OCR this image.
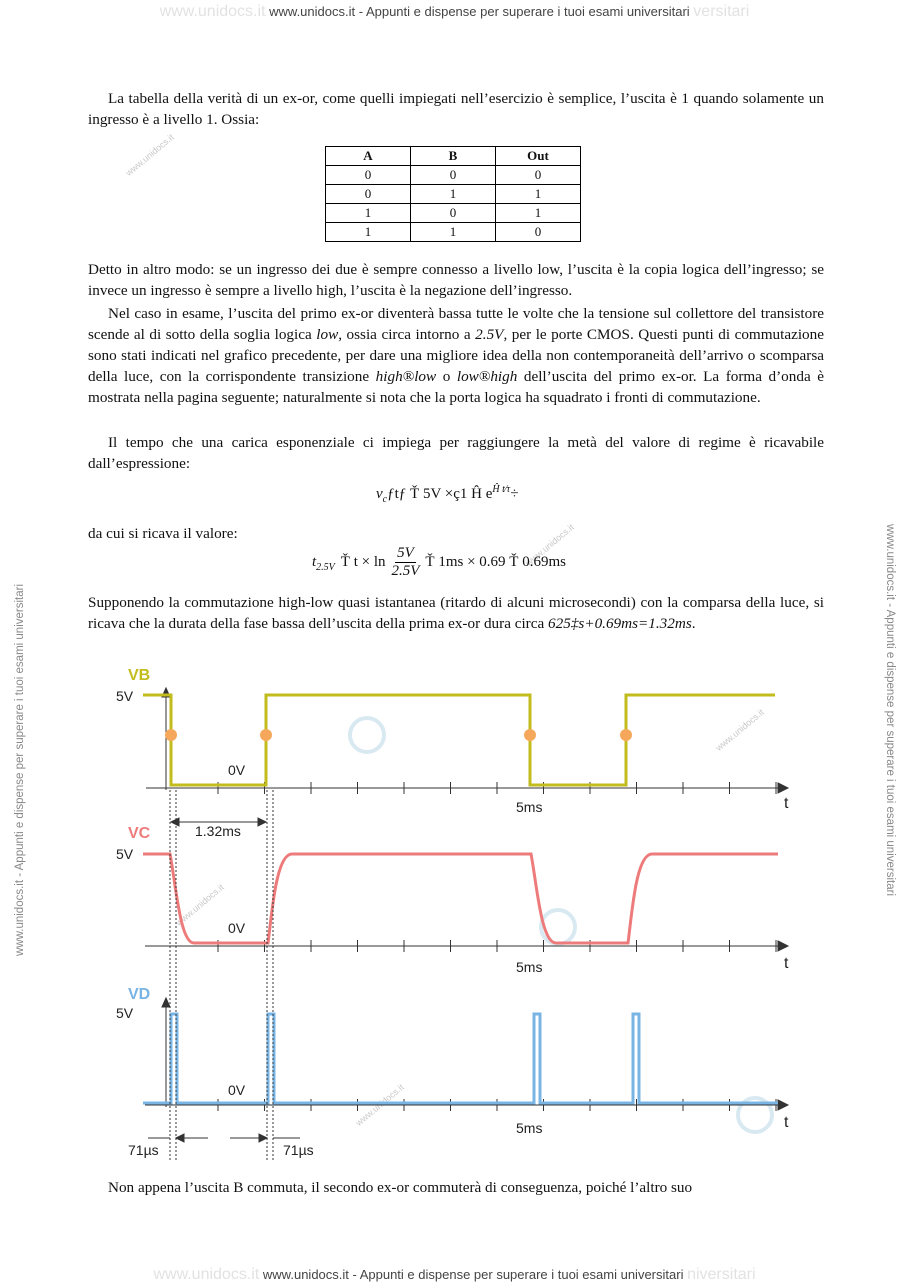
www.unidocs.it www.unidocs.it - Appunti e dispense per superare i tuoi esami universitari versitari
www.unidocs.it - Appunti e dispense per superare i tuoi esami universitari	www.unidocs.it - Appunti e dispense per superare i tuoi esami universitari
www.unidocs.it
www.unidocs.it
www.unidocs.it
www.unidocs.it
www.unidocs.it

La tabella della verità di un ex-or, come quelli impiegati nell’esercizio è semplice, l’uscita è 1 quando solamente un ingresso è a livello 1. Ossia:

A	B	Out
0	0	0
0	1	1
1	0	1
1	1	0

Detto in altro modo: se un ingresso dei due è sempre connesso a livello low, l’uscita è la copia logica dell’ingresso; se invece un ingresso è sempre a livello high, l’uscita è la negazione dell’ingresso.

Nel caso in esame, l’uscita del primo ex-or diventerà bassa tutte le volte che la tensione sul collettore del transistore scende al di sotto della soglia logica low, ossia circa intorno a 2.5V, per le porte CMOS. Questi punti di commutazione sono stati indicati nel grafico precedente, per dare una migliore idea della non contemporaneità dell’arrivo o scomparsa della luce, con la corrispondente transizione high®low o low®high dell’uscita del primo ex-or. La forma d’onda è mostrata nella pagina seguente; naturalmente si nota che la porta logica ha squadrato i fronti di commutazione.

Il tempo che una carica esponenziale ci impiega per raggiungere la metà del valore di regime è ricavabile dall’espressione:

$v_cƒtƒ$ Ť 5V ×ç1 Ĥ $e^{Ĥ t⁄\tau}\div$

da cui si ricava il valore:

$t_{2.5V}$ Ť $t \times \ln \frac{5V}{2.5V}$ Ť 1ms × 0.69 Ť 0.69ms

Supponendo la commutazione high-low quasi istantanea (ritardo di alcuni microsecondi) con la comparsa della luce, si ricava che la durata della fase bassa dell’uscita della prima ex-or dura circa 625‡s+0.69ms=1.32ms.

VB
5V
0V
5ms	t
1.32ms
VC
5V
0V
5ms	t
VD
5V
0V
5ms	t
71µs	71µs

Non appena l’uscita B commuta, il secondo ex-or commuterà di conseguenza, poiché l’altro suo

www.unidocs.it www.unidocs.it - Appunti e dispense per superare i tuoi esami universitari niversitari
